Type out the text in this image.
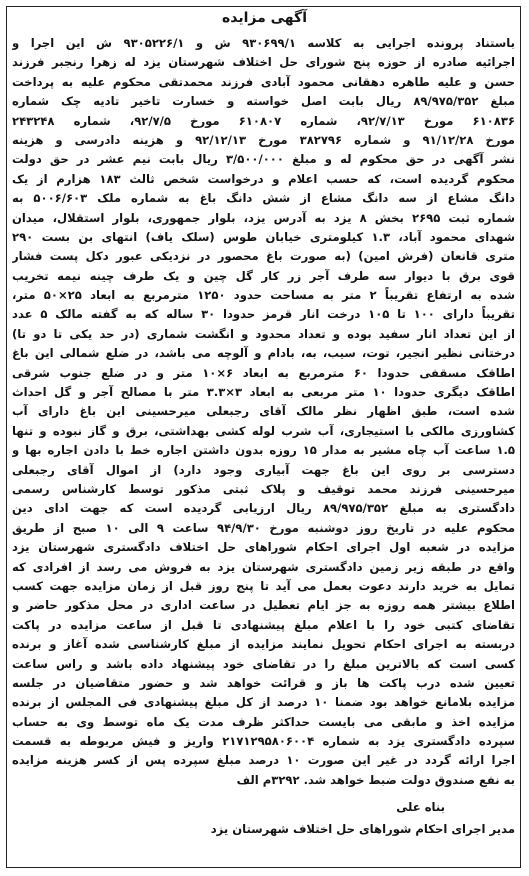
آگهی مزایده
باستناد پرونده اجرایی به کلاسه ۹۳۰۶۹۹/۱ ش و ۹۳۰۵۲۲۶/۱ ش این اجرا و
اجرائیه صادره از حوزه پنج شورای حل اختلاف شهرستان یزد له زهرا رنجبر فرزند
حسن و علیه طاهره دهقانی محمود آبادی فرزند محمدتقی محکوم علیه به پرداخت
مبلغ ۸۹/۹۷۵/۳۵۲ ریال بابت اصل خواسته و خسارت تاخیر تادیه چک شماره
۶۱۰۸۳۶ مورخ ۹۲/۷/۱۳، شماره ۶۱۰۸۰۷ مورخ ۹۲/۷/۵، شماره ۲۴۳۲۴۸
مورخ ۹۱/۱۲/۲۸ و شماره ۳۸۲۷۹۶ مورخ ۹۲/۱۲/۱۳ و هزینه دادرسی و هزینه
نشر آگهی در حق محکوم له و مبلغ ۳/۵۰۰/۰۰۰ ریال بابت نیم عشر در حق دولت
محکوم گردیده است، که حسب اعلام و درخواست شخص ثالث ۱۸۳ هزارم از یک
دانگ مشاع از سه دانگ مشاع از شش دانگ باغ به شماره ملک ۵۰۰۶/۶۰۳ به
شماره ثبت ۲۶۹۵ بخش ۸ یزد به آدرس یزد، بلوار جمهوری، بلوار استقلال، میدان
شهدای محمود آباد، ۱.۳ کیلومتری خیابان طوس (سلک یاف) انتهای بن بست ۲۹۰
متری قانعان (فرش امین) (به صورت باغ محصور در نزدیکی عبور دکل پست فشار
قوی برق با دیوار سه طرف آجر زر کار گل چین و یک طرف چینه نیمه تخریب
شده به ارتفاع تقریباً ۲ متر به مساحت حدود ۱۲۵۰ مترمربع به ابعاد ۲۵×۵۰ متر،
تقریباً دارای ۱۰۰ تا ۱۰۵ درخت انار قرمز حدودا ۳۰ ساله که به گفته مالک ۵ عدد
از این تعداد انار سفید بوده و تعداد محدود و انگشت شماری (در حد یکی تا دو تا)
درختانی نظیر انجیر، توت، سیب، به، بادام و آلوچه می باشد، در ضلع شمالی این باغ
اطاقک مسقفی حدودا ۶۰ مترمربع به ابعاد ۶×۱۰ متر و در ضلع جنوب شرقی
اطاقک دیگری حدودا ۱۰ متر مربعی به ابعاد ۳×۳.۳ متر با مصالح آجر و گل احداث
شده است، طبق اظهار نظر مالک آقای رجبعلی میرحسینی این باغ دارای آب
کشاورزی مالکی با استیجاری، آب شرب لوله کشی بهداشتی، برق و گاز نبوده و تنها
۱.۵ ساعت آب چاه مشیر به مدار ۱۵ روزه بدون داشتن اجاره خط با دادن اجاره بها و
دسترسی بر روی این باغ جهت آبیاری وجود دارد) از اموال آقای رجبعلی
میرحسینی فرزند محمد توقیف و پلاک ثبتی مذکور توسط کارشناس رسمی
دادگستری به مبلغ ۸۹/۹۷۵/۳۵۲ ریال ارزیابی گردیده است که جهت ادای دین
محکوم علیه در تاریخ روز دوشنبه مورخ ۹۴/۹/۳۰ ساعت ۹ الی ۱۰ صبح از طریق
مزایده در شعبه اول اجرای احکام شوراهای حل اختلاف دادگستری شهرستان یزد
واقع در طبقه زیر زمین دادگستری شهرستان یزد به فروش می رسد از افرادی که
تمایل به خرید دارند دعوت بعمل می آید تا پنج روز قبل از زمان مزایده جهت کسب
اطلاع بیشتر همه روزه به جز ایام تعطیل در ساعت اداری در محل مذکور حاضر و
تقاضای کتبی خود را با اعلام مبلغ پیشنهادی تا قبل از ساعت مزایده در پاکت
دربسته به اجرای احکام تحویل نمایند مزایده از مبلغ کارشناسی شده آغاز و برنده
کسی است که بالاترین مبلغ را در تقاضای خود پیشنهاد داده باشد و راس ساعت
تعیین شده درب پاکت ها باز و قرائت خواهد شد و حضور متقاضیان در جلسه
مزایده بلامانع خواهد بود ضمنا ۱۰ درصد از کل مبلغ پیشنهادی فی المجلس از برنده
مزایده اخذ و مابقی می بایست حداکثر ظرف مدت یک ماه توسط وی به حساب
سپرده دادگستری یزد به شماره ۲۱۷۱۲۹۵۸۰۶۰۰۴ واریز و فیش مربوطه به قسمت
اجرا ارائه گردد در غیر این صورت ۱۰ درصد مبلغ سپرده پس از کسر هزینه مزایده
به نفع صندوق دولت ضبط خواهد شد. ۳۲۹۲م الف
بناه علی
مدیر اجرای احکام شوراهای حل اختلاف شهرستان یزد
